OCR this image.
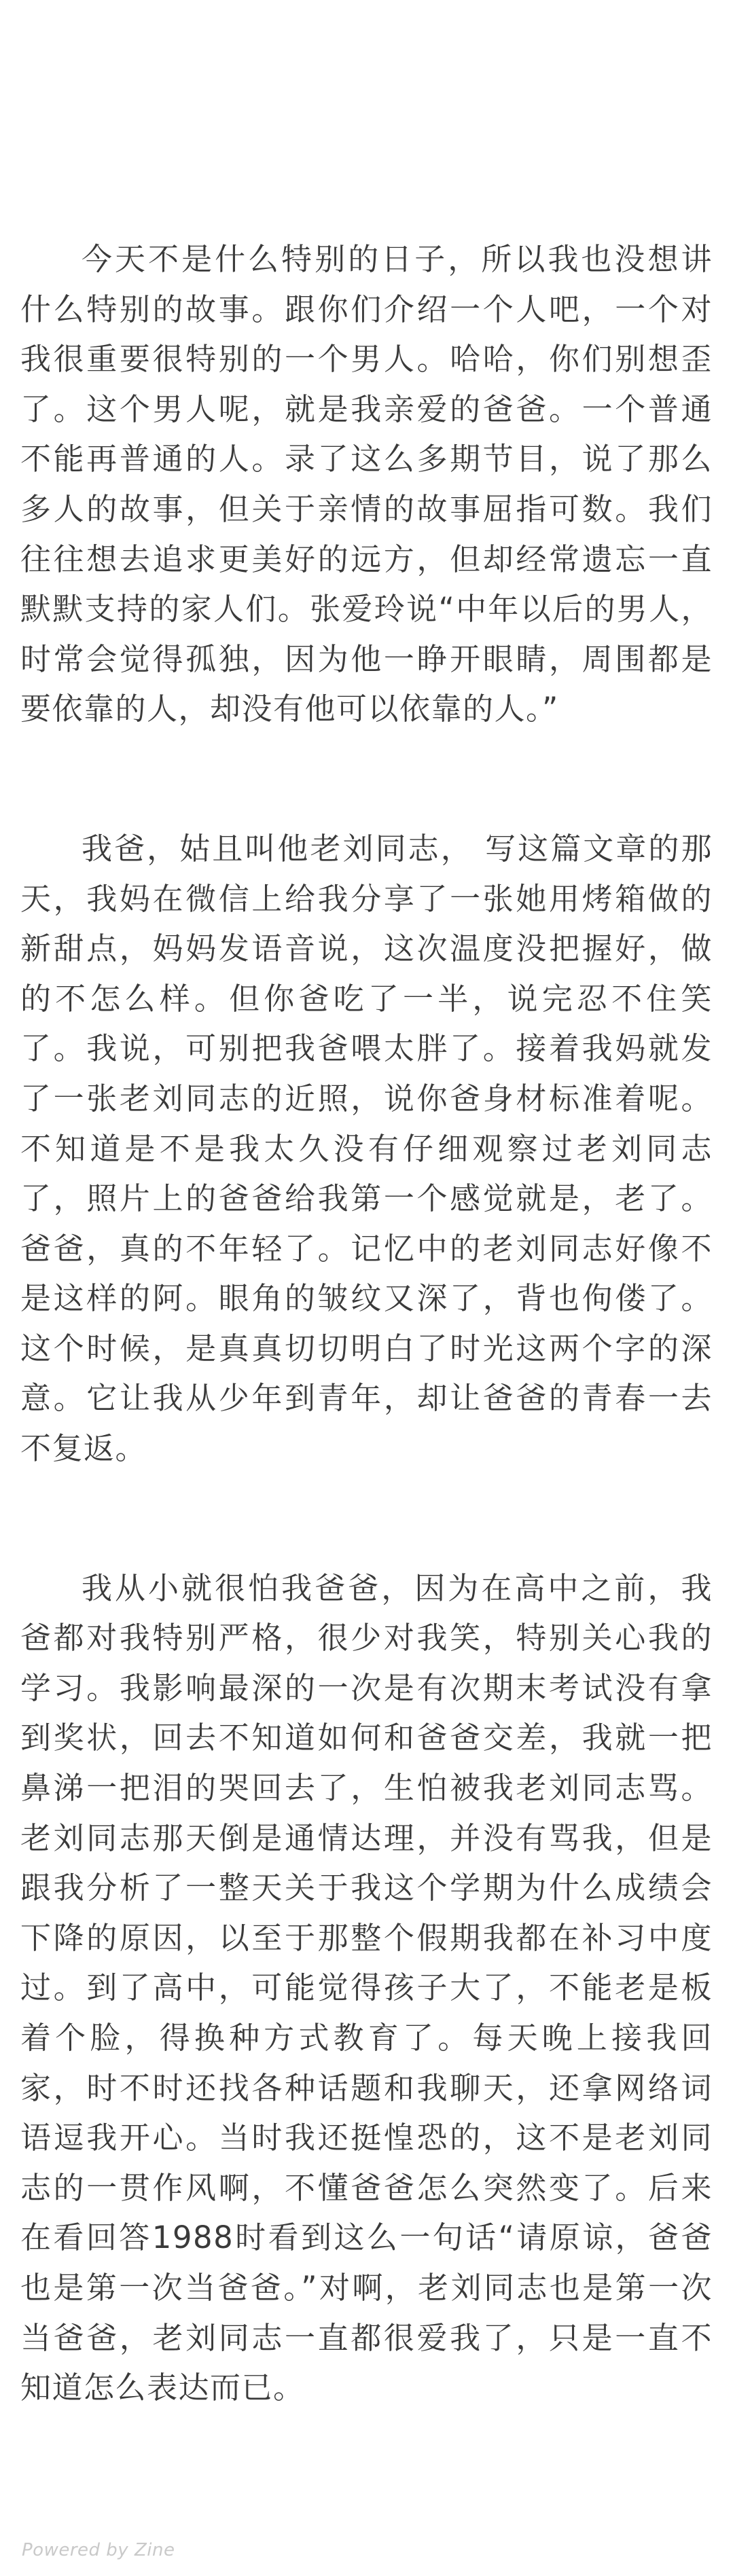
今天不是什么特别的日子，所以我也没想讲什么特别的故事。跟你们介绍一个人吧，一个对我很重要很特别的一个男人。哈哈，你们别想歪了。这个男人呢，就是我亲爱的爸爸。一个普通不能再普通的人。录了这么多期节目，说了那么多人的故事，但关于亲情的故事屈指可数。我们往往想去追求更美好的远方，但却经常遗忘一直默默支持的家人们。张爱玲说“中年以后的男人，时常会觉得孤独，因为他一睁开眼睛，周围都是要依靠的人，却没有他可以依靠的人。”

我爸，姑且叫他老刘同志， 写这篇文章的那天，我妈在微信上给我分享了一张她用烤箱做的新甜点，妈妈发语音说，这次温度没把握好，做的不怎么样。但你爸吃了一半，说完忍不住笑了。我说，可别把我爸喂太胖了。接着我妈就发了一张老刘同志的近照，说你爸身材标准着呢。不知道是不是我太久没有仔细观察过老刘同志了，照片上的爸爸给我第一个感觉就是，老了。爸爸，真的不年轻了。记忆中的老刘同志好像不是这样的阿。眼角的皱纹又深了，背也佝偻了。这个时候，是真真切切明白了时光这两个字的深意。它让我从少年到青年，却让爸爸的青春一去不复返。

我从小就很怕我爸爸，因为在高中之前，我爸都对我特别严格，很少对我笑，特别关心我的学习。我影响最深的一次是有次期末考试没有拿到奖状，回去不知道如何和爸爸交差，我就一把鼻涕一把泪的哭回去了，生怕被我老刘同志骂。老刘同志那天倒是通情达理，并没有骂我，但是跟我分析了一整天关于我这个学期为什么成绩会下降的原因，以至于那整个假期我都在补习中度过。到了高中，可能觉得孩子大了，不能老是板着个脸，得换种方式教育了。每天晚上接我回家，时不时还找各种话题和我聊天，还拿网络词语逗我开心。当时我还挺惶恐的，这不是老刘同志的一贯作风啊，不懂爸爸怎么突然变了。后来在看回答1988时看到这么一句话“请原谅，爸爸也是第一次当爸爸。”对啊，老刘同志也是第一次当爸爸，老刘同志一直都很爱我了，只是一直不知道怎么表达而已。

Powered by Zine
